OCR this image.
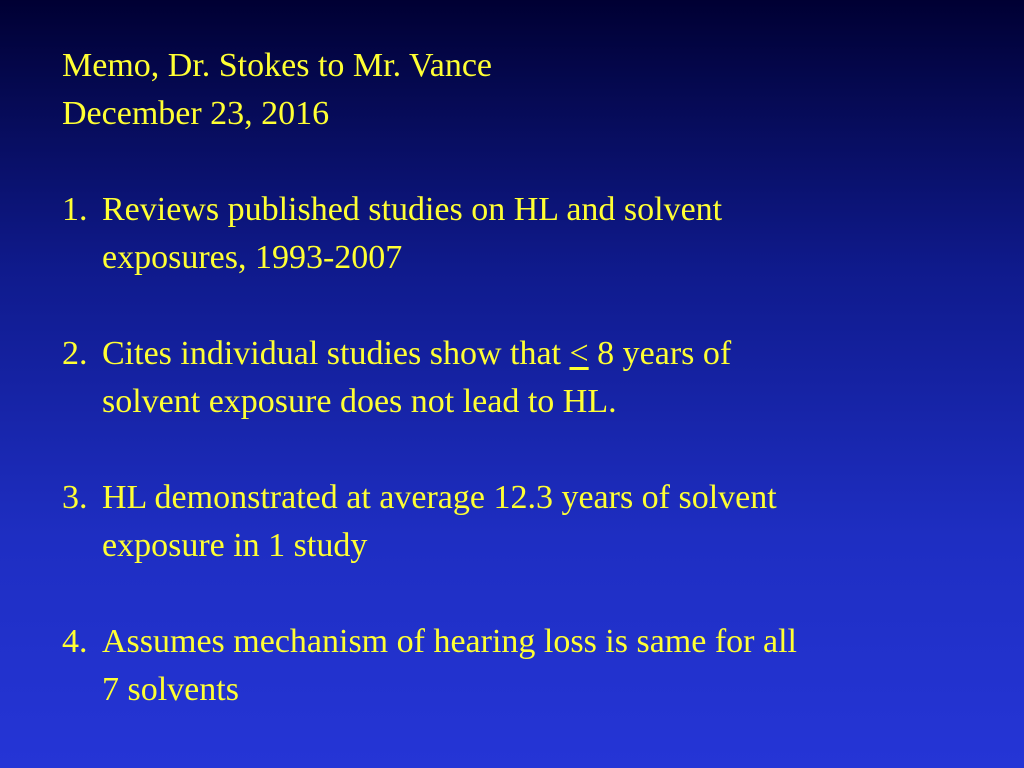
Memo, Dr. Stokes to Mr. Vance

December 23, 2016

1. Reviews published studies on HL and solvent
exposures, 1993-2007
2. Cites individual studies show that ≤ 8 years of
solvent exposure does not lead to HL.
3. HL demonstrated at average 12.3 years of solvent
exposure in 1 study
4. Assumes mechanism of hearing loss is same for all
7 solvents
